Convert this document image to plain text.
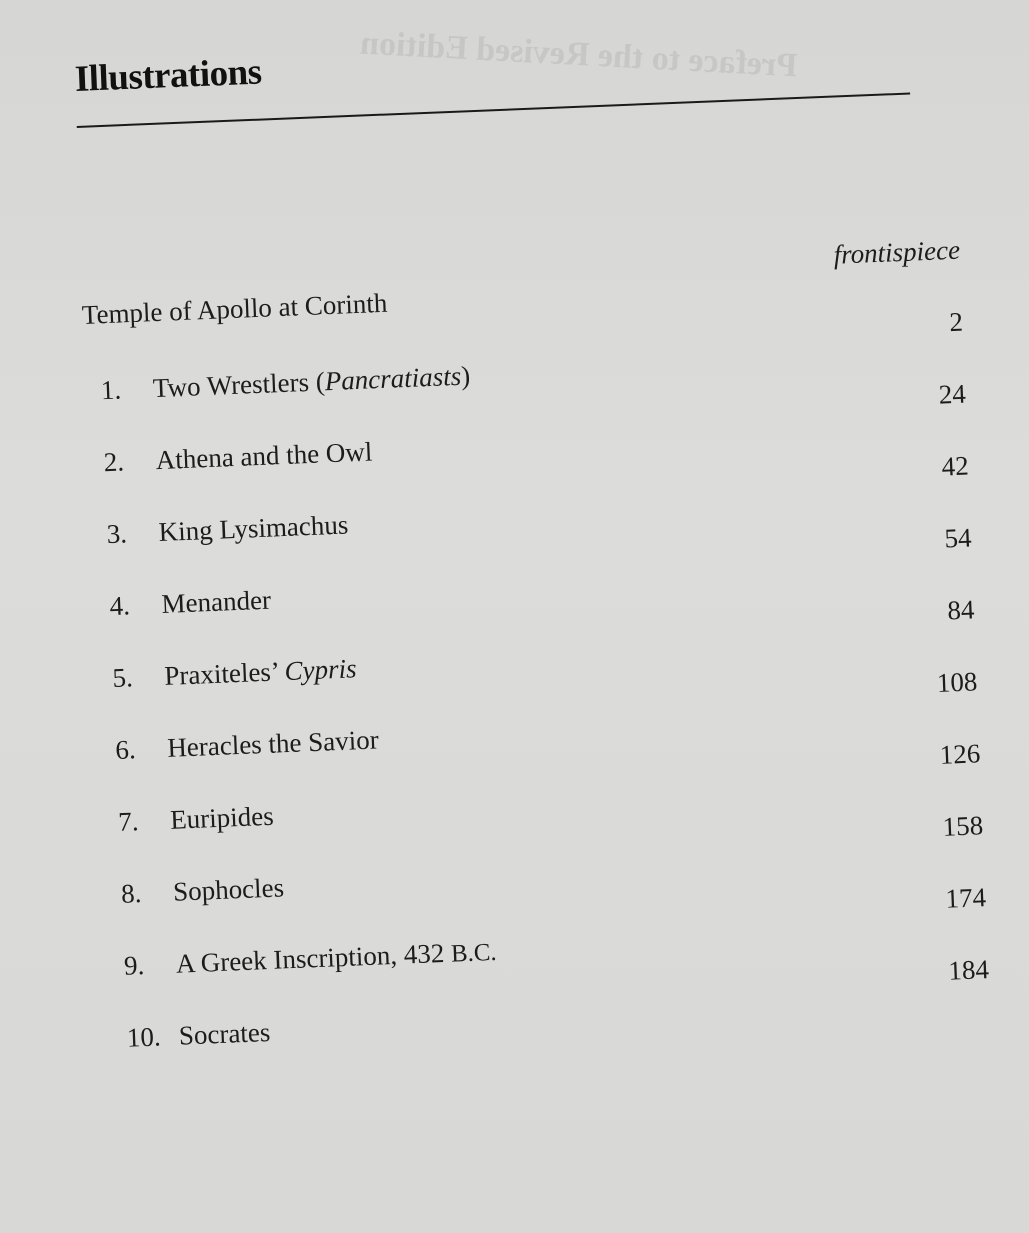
Preface to the Revised Edition
Illustrations
Temple of Apollo at Corinth
frontispiece
1. Two Wrestlers (Pancratiasts)
2
2. Athena and the Owl
24
3. King Lysimachus
42
4. Menander
54
5. Praxiteles’ Cypris
84
6. Heracles the Savior
108
7. Euripides
126
8. Sophocles
158
9. A Greek Inscription, 432 B.C.
174
10. Socrates
184
